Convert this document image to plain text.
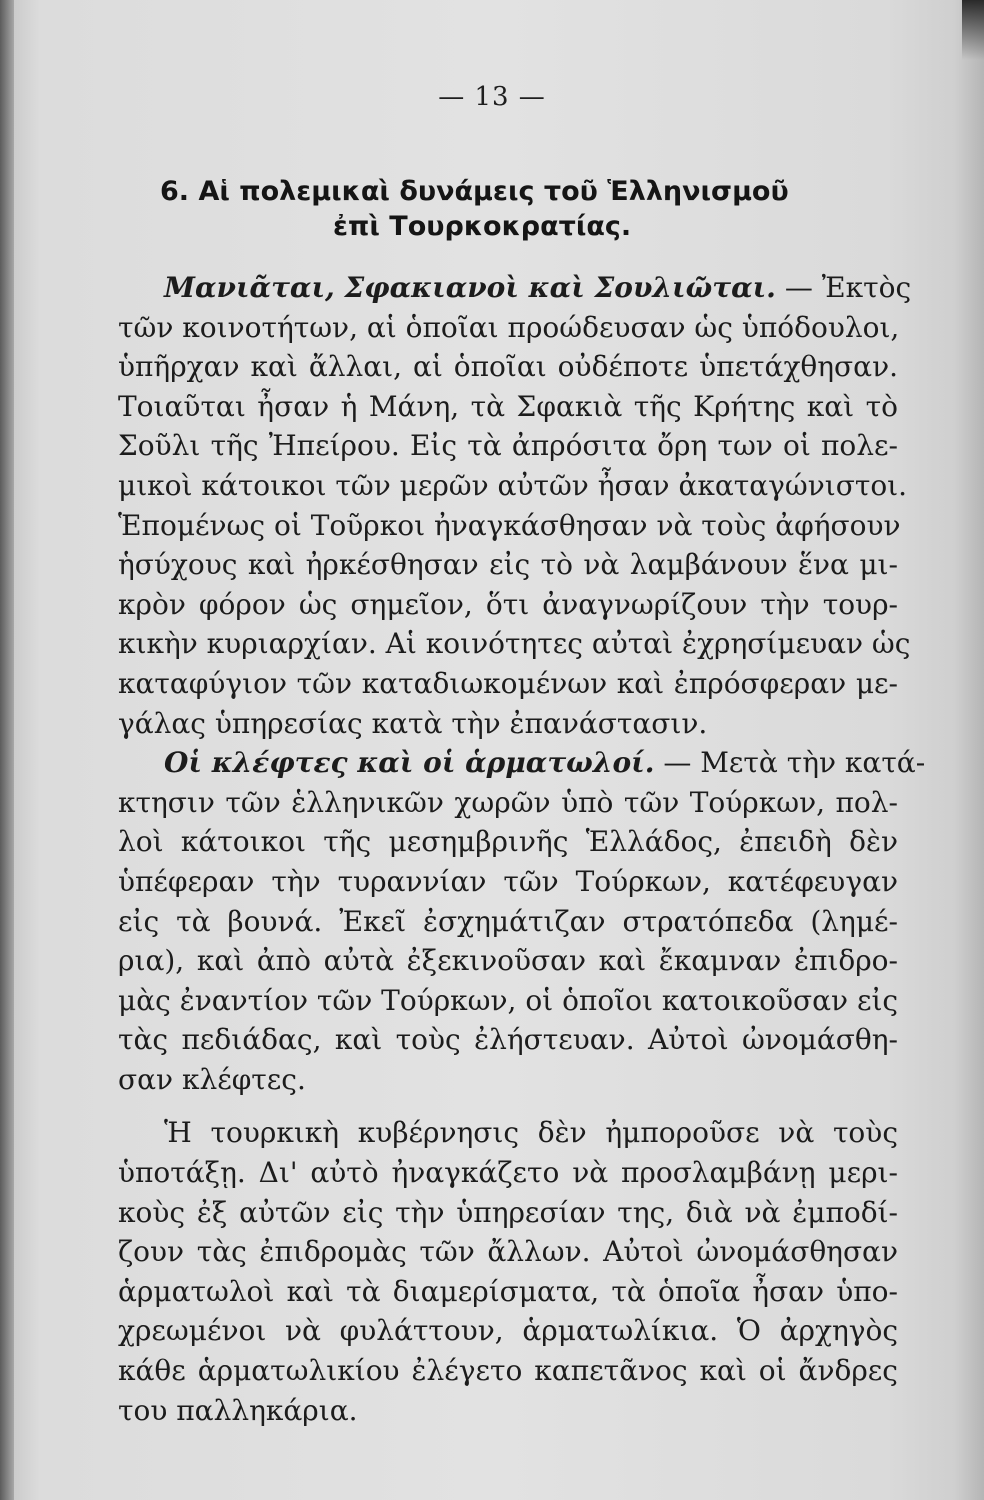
— 13 —
6. Αἱ πολεμικαὶ δυνάμεις τοῦ Ἑλληνισμοῦ
ἐπὶ Τουρκοκρατίας.
Μανιᾶται, Σφακιανοὶ καὶ Σουλιῶται. — Ἐκτὸς
τῶν κοινοτήτων, αἱ ὁποῖαι προώδευσαν ὡς ὑπόδουλοι,
ὑπῆρχαν καὶ ἄλλαι, αἱ ὁποῖαι οὐδέποτε ὑπετάχθησαν.
Τοιαῦται ἦσαν ἡ Μάνη, τὰ Σφακιὰ τῆς Κρήτης καὶ τὸ
Σοῦλι τῆς Ἠπείρου. Εἰς τὰ ἀπρόσιτα ὄρη των οἱ πολε-
μικοὶ κάτοικοι τῶν μερῶν αὐτῶν ἦσαν ἀκαταγώνιστοι.
Ἑπομένως οἱ Τοῦρκοι ἠναγκάσθησαν νὰ τοὺς ἀφήσουν
ἡσύχους καὶ ἠρκέσθησαν εἰς τὸ νὰ λαμβάνουν ἕνα μι-
κρὸν φόρον ὡς σημεῖον, ὅτι ἀναγνωρίζουν τὴν τουρ-
κικὴν κυριαρχίαν. Αἱ κοινότητες αὐταὶ ἐχρησίμευαν ὡς
καταφύγιον τῶν καταδιωκομένων καὶ ἐπρόσφεραν με-
γάλας ὑπηρεσίας κατὰ τὴν ἐπανάστασιν.
Οἱ κλέφτες καὶ οἱ ἁρματωλοί. — Μετὰ τὴν κατά-
κτησιν τῶν ἑλληνικῶν χωρῶν ὑπὸ τῶν Τούρκων, πολ-
λοὶ κάτοικοι τῆς μεσημβρινῆς Ἑλλάδος, ἐπειδὴ δὲν
ὑπέφεραν τὴν τυραννίαν τῶν Τούρκων, κατέφευγαν
εἰς τὰ βουνά. Ἐκεῖ ἐσχημάτιζαν στρατόπεδα (λημέ-
ρια), καὶ ἀπὸ αὐτὰ ἐξεκινοῦσαν καὶ ἔκαμναν ἐπιδρο-
μὰς ἐναντίον τῶν Τούρκων, οἱ ὁποῖοι κατοικοῦσαν εἰς
τὰς πεδιάδας, καὶ τοὺς ἐλήστευαν. Αὐτοὶ ὠνομάσθη-
σαν κλέφτες.
Ἡ τουρκικὴ κυβέρνησις δὲν ἠμποροῦσε νὰ τοὺς
ὑποτάξῃ. Δι' αὐτὸ ἠναγκάζετο νὰ προσλαμβάνῃ μερι-
κοὺς ἐξ αὐτῶν εἰς τὴν ὑπηρεσίαν της, διὰ νὰ ἐμποδί-
ζουν τὰς ἐπιδρομὰς τῶν ἄλλων. Αὐτοὶ ὠνομάσθησαν
ἁρματωλοὶ καὶ τὰ διαμερίσματα, τὰ ὁποῖα ἦσαν ὑπο-
χρεωμένοι νὰ φυλάττουν, ἁρματωλίκια. Ὁ ἀρχηγὸς
κάθε ἁρματωλικίου ἐλέγετο καπετᾶνος καὶ οἱ ἄνδρες
του παλληκάρια.
